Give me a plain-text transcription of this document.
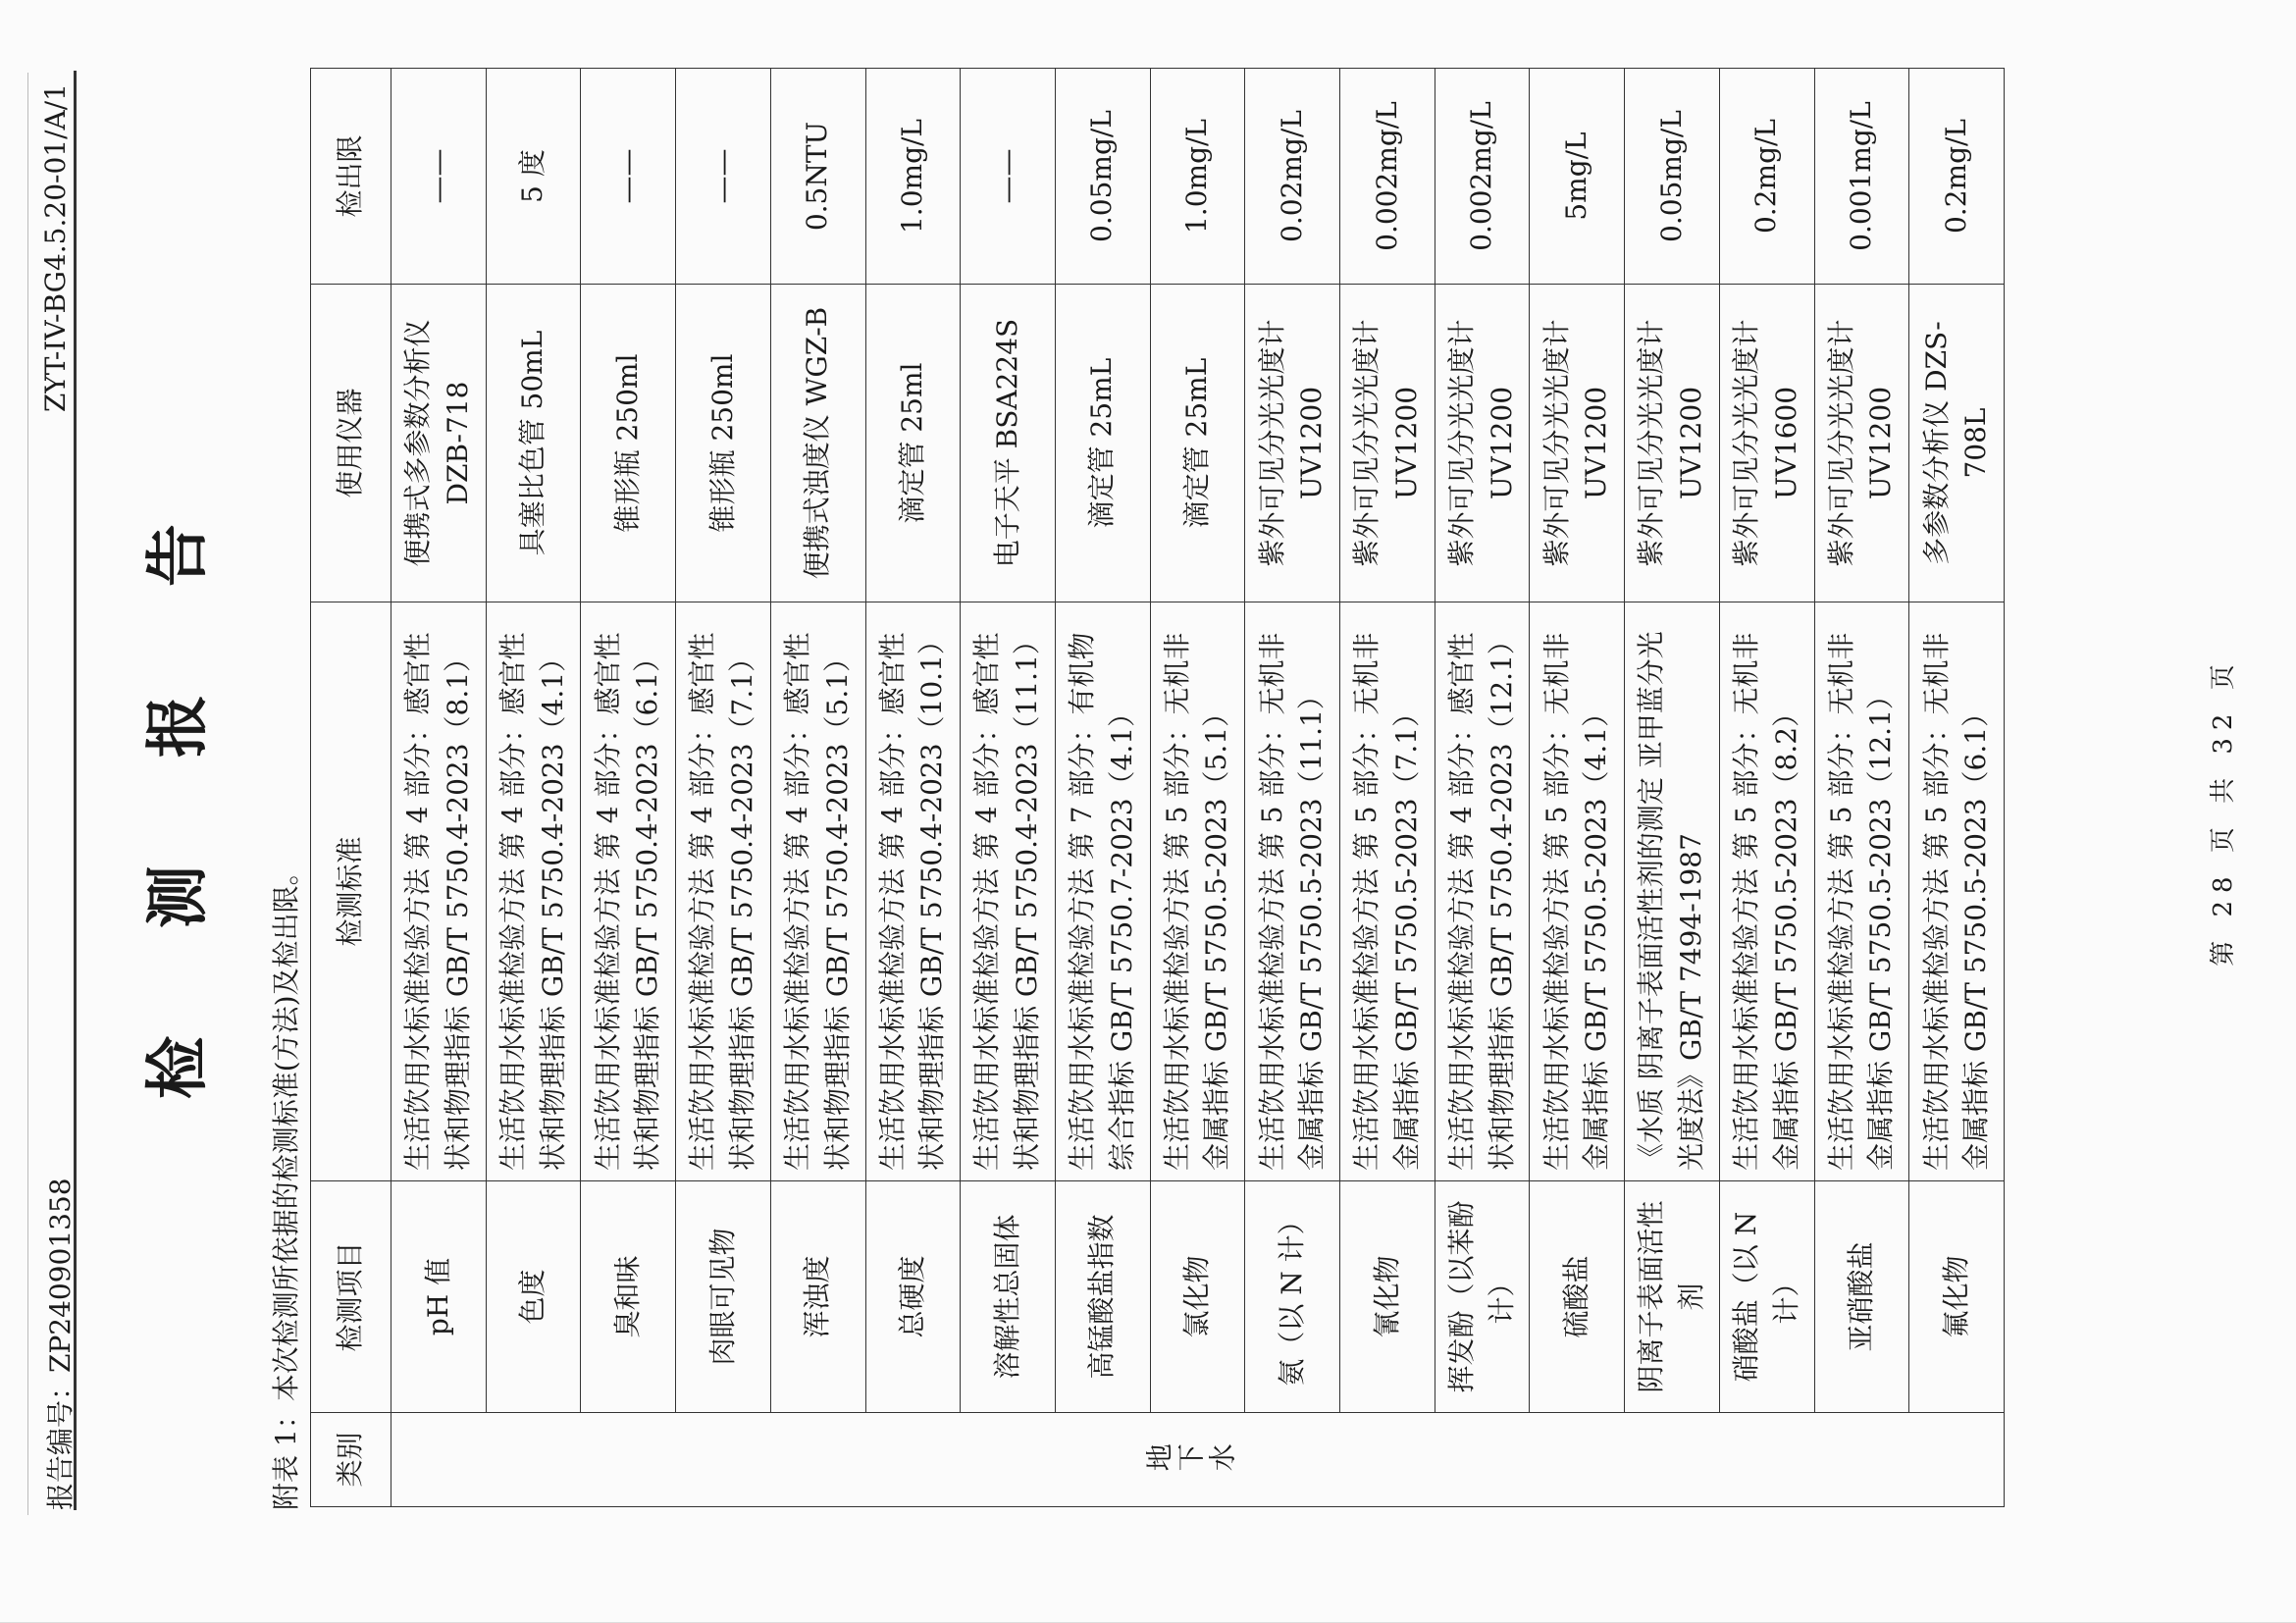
报告编号：ZP240901358
ZYT-IV-BG4.5.20-01/A/1
检测报告
附表 1：本次检测所依据的检测标准(方法)及检出限。 类别	检测项目	检测标准	使用仪器	检出限
地下水	pH 值	生活饮用水标准检验方法 第 4 部分：感官性状和物理指标 GB/T 5750.4-2023（8.1）	便携式多参数分析仪 DZB-718	——
	色度	生活饮用水标准检验方法 第 4 部分：感官性状和物理指标 GB/T 5750.4-2023（4.1）	具塞比色管 50mL	5 度
	臭和味	生活饮用水标准检验方法 第 4 部分：感官性状和物理指标 GB/T 5750.4-2023（6.1）	锥形瓶 250ml	——
	肉眼可见物	生活饮用水标准检验方法 第 4 部分：感官性状和物理指标 GB/T 5750.4-2023（7.1）	锥形瓶 250ml	——
	浑浊度	生活饮用水标准检验方法 第 4 部分：感官性状和物理指标 GB/T 5750.4-2023（5.1）	便携式浊度仪 WGZ-B	0.5NTU
	总硬度	生活饮用水标准检验方法 第 4 部分：感官性状和物理指标 GB/T 5750.4-2023（10.1）	滴定管 25ml	1.0mg/L
	溶解性总固体	生活饮用水标准检验方法 第 4 部分：感官性状和物理指标 GB/T 5750.4-2023（11.1）	电子天平 BSA224S	——
	高锰酸盐指数	生活饮用水标准检验方法 第 7 部分：有机物综合指标 GB/T 5750.7-2023（4.1）	滴定管 25mL	0.05mg/L
	氯化物	生活饮用水标准检验方法 第 5 部分：无机非金属指标 GB/T 5750.5-2023（5.1）	滴定管 25mL	1.0mg/L
	氨（以 N 计）	生活饮用水标准检验方法 第 5 部分：无机非金属指标 GB/T 5750.5-2023（11.1）	紫外可见分光光度计 UV1200	0.02mg/L
	氰化物	生活饮用水标准检验方法 第 5 部分：无机非金属指标 GB/T 5750.5-2023（7.1）	紫外可见分光光度计 UV1200	0.002mg/L
	挥发酚（以苯酚计）	生活饮用水标准检验方法 第 4 部分：感官性状和物理指标 GB/T 5750.4-2023（12.1）	紫外可见分光光度计 UV1200	0.002mg/L
	硫酸盐	生活饮用水标准检验方法 第 5 部分：无机非金属指标 GB/T 5750.5-2023（4.1）	紫外可见分光光度计 UV1200	5mg/L
	阴离子表面活性剂	《水质 阴离子表面活性剂的测定 亚甲蓝分光光度法》GB/T 7494-1987	紫外可见分光光度计 UV1200	0.05mg/L
	硝酸盐（以 N 计）	生活饮用水标准检验方法 第 5 部分：无机非金属指标 GB/T 5750.5-2023（8.2）	紫外可见分光光度计 UV1600	0.2mg/L
	亚硝酸盐	生活饮用水标准检验方法 第 5 部分：无机非金属指标 GB/T 5750.5-2023（12.1）	紫外可见分光光度计 UV1200	0.001mg/L
	氟化物	生活饮用水标准检验方法 第 5 部分：无机非金属指标 GB/T 5750.5-2023（6.1）	多参数分析仪 DZS-708L	0.2mg/L
第 28 页 共 32 页
